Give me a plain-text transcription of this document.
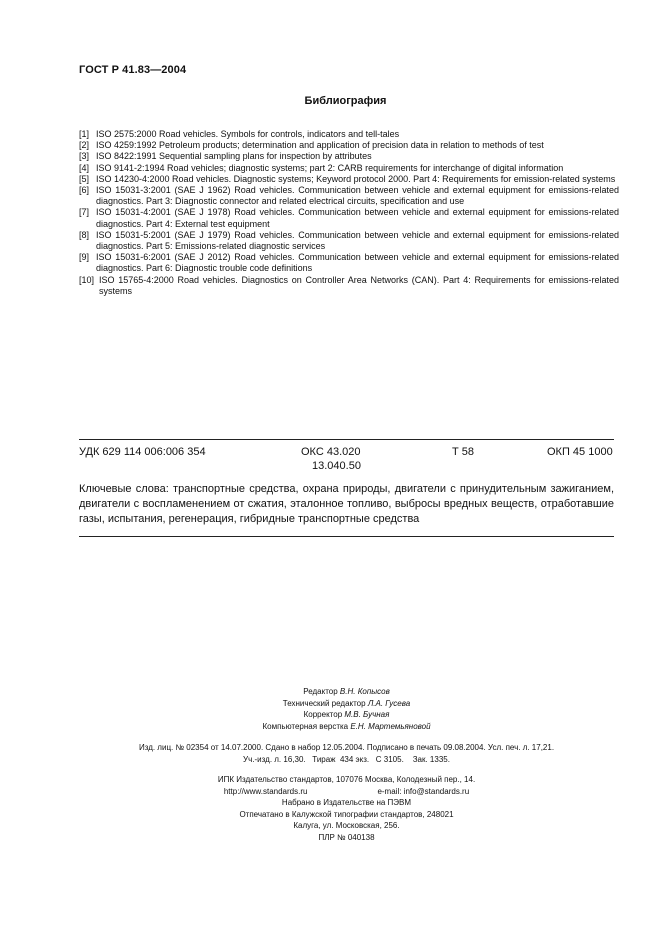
ГОСТ Р 41.83—2004
Библиография
[1] ISO 2575:2000 Road vehicles. Symbols for controls, indicators and tell-tales
[2] ISO 4259:1992 Petroleum products; determination and application of precision data in relation to methods of test
[3] ISO 8422:1991 Sequential sampling plans for inspection by attributes
[4] ISO 9141-2:1994 Road vehicles; diagnostic systems; part 2: CARB requirements for interchange of digital information
[5] ISO 14230-4:2000 Road vehicles. Diagnostic systems; Keyword protocol 2000. Part 4: Requirements for emission-related systems
[6] ISO 15031-3:2001 (SAE J 1962) Road vehicles. Communication between vehicle and external equipment for emissions-related diagnostics. Part 3: Diagnostic connector and related electrical circuits, specification and use
[7] ISO 15031-4:2001 (SAE J 1978) Road vehicles. Communication between vehicle and external equipment for emissions-related diagnostics. Part 4: External test equipment
[8] ISO 15031-5:2001 (SAE J 1979) Road vehicles. Communication between vehicle and external equipment for emissions-related diagnostics. Part 5: Emissions-related diagnostic services
[9] ISO 15031-6:2001 (SAE J 2012) Road vehicles. Communication between vehicle and external equipment for emissions-related diagnostics. Part 6: Diagnostic trouble code definitions
[10] ISO 15765-4:2000 Road vehicles. Diagnostics on Controller Area Networks (CAN). Part 4: Requirements for emissions-related systems
УДК 629 114 006:006 354	ОКС 43.020
13.040.50
Т 58	ОКП 45 1000
Ключевые слова: транспортные средства, охрана природы, двигатели с принудительным зажиганием, двигатели с воспламенением от сжатия, эталонное топливо, выбросы вредных веществ, отработавшие газы, испытания, регенерация, гибридные транспортные средства
Редактор В.Н. Копысов
Технический редактор Л.А. Гусева
Корректор М.В. Бучная
Компьютерная верстка Е.Н. Мартемьяновой
Изд. лиц. № 02354 от 14.07.2000. Сдано в набор 12.05.2004. Подписано в печать 09.08.2004. Усл. печ. л. 17,21.
Уч.-изд. л. 16,30.   Тираж  434 экз.   С 3105.    Зак. 1335.
ИПК Издательство стандартов, 107076 Москва, Колодезный пер., 14.
http://www.standards.ru	e-mail: info@standards.ru
Набрано в Издательстве на ПЭВМ
Отпечатано в Калужской типографии стандартов, 248021
Калуга, ул. Московская, 256.
ПЛР № 040138
